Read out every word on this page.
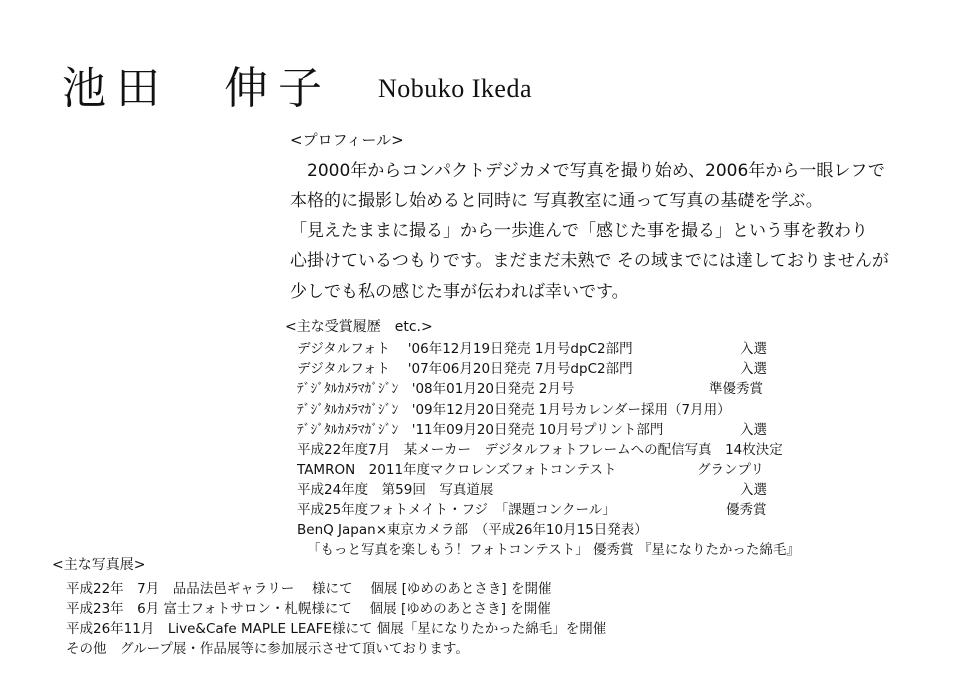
池田　伸子 Nobuko Ikeda
<プロフィール>
　2000年からコンパクトデジカメで写真を撮り始め、2006年から一眼レフで
本格的に撮影し始めると同時に 写真教室に通って写真の基礎を学ぶ。
「見えたままに撮る」から一歩進んで「感じた事を撮る」という事を教わり
心掛けているつもりです。まだまだ未熟で その域までには達しておりませんが
少しでも私の感じた事が伝われば幸いです。
<主な受賞履歴　etc.>
デジタルフォト　 '06年12月19日発売 1月号dpC2部門	入選
デジタルフォト　 '07年06月20日発売 7月号dpC2部門	入選
ﾃﾞｼﾞﾀﾙｶﾒﾗﾏｶﾞｼﾞﾝ　'08年01月20日発売 2月号	準優秀賞
ﾃﾞｼﾞﾀﾙｶﾒﾗﾏｶﾞｼﾞﾝ　'09年12月20日発売 1月号カレンダー採用（7月用）
ﾃﾞｼﾞﾀﾙｶﾒﾗﾏｶﾞｼﾞﾝ　'11年09月20日発売 10月号プリント部門	入選
平成22年度7月　某メーカー　デジタルフォトフレームへの配信写真　14枚決定
TAMRON　2011年度マクロレンズフォトコンテスト	グランプリ
平成24年度　第59回　写真道展	入選
平成25年度フォトメイト・フジ　「課題コンクール」	優秀賞
BenQ Japan×東京カメラ部　（平成26年10月15日発表）
「もっと写真を楽しもう！フォトコンテスト」 優秀賞 『星になりたかった綿毛』
<主な写真展>
平成22年　7月　品品法邑ギャラリー　 様にて　 個展 [ゆめのあとさき] を開催
平成23年　6月 富士フォトサロン・札幌様にて　 個展 [ゆめのあとさき] を開催
平成26年11月　Live&Cafe MAPLE LEAFE様にて 個展「星になりたかった綿毛」を開催
その他　グループ展・作品展等に参加展示させて頂いております。
